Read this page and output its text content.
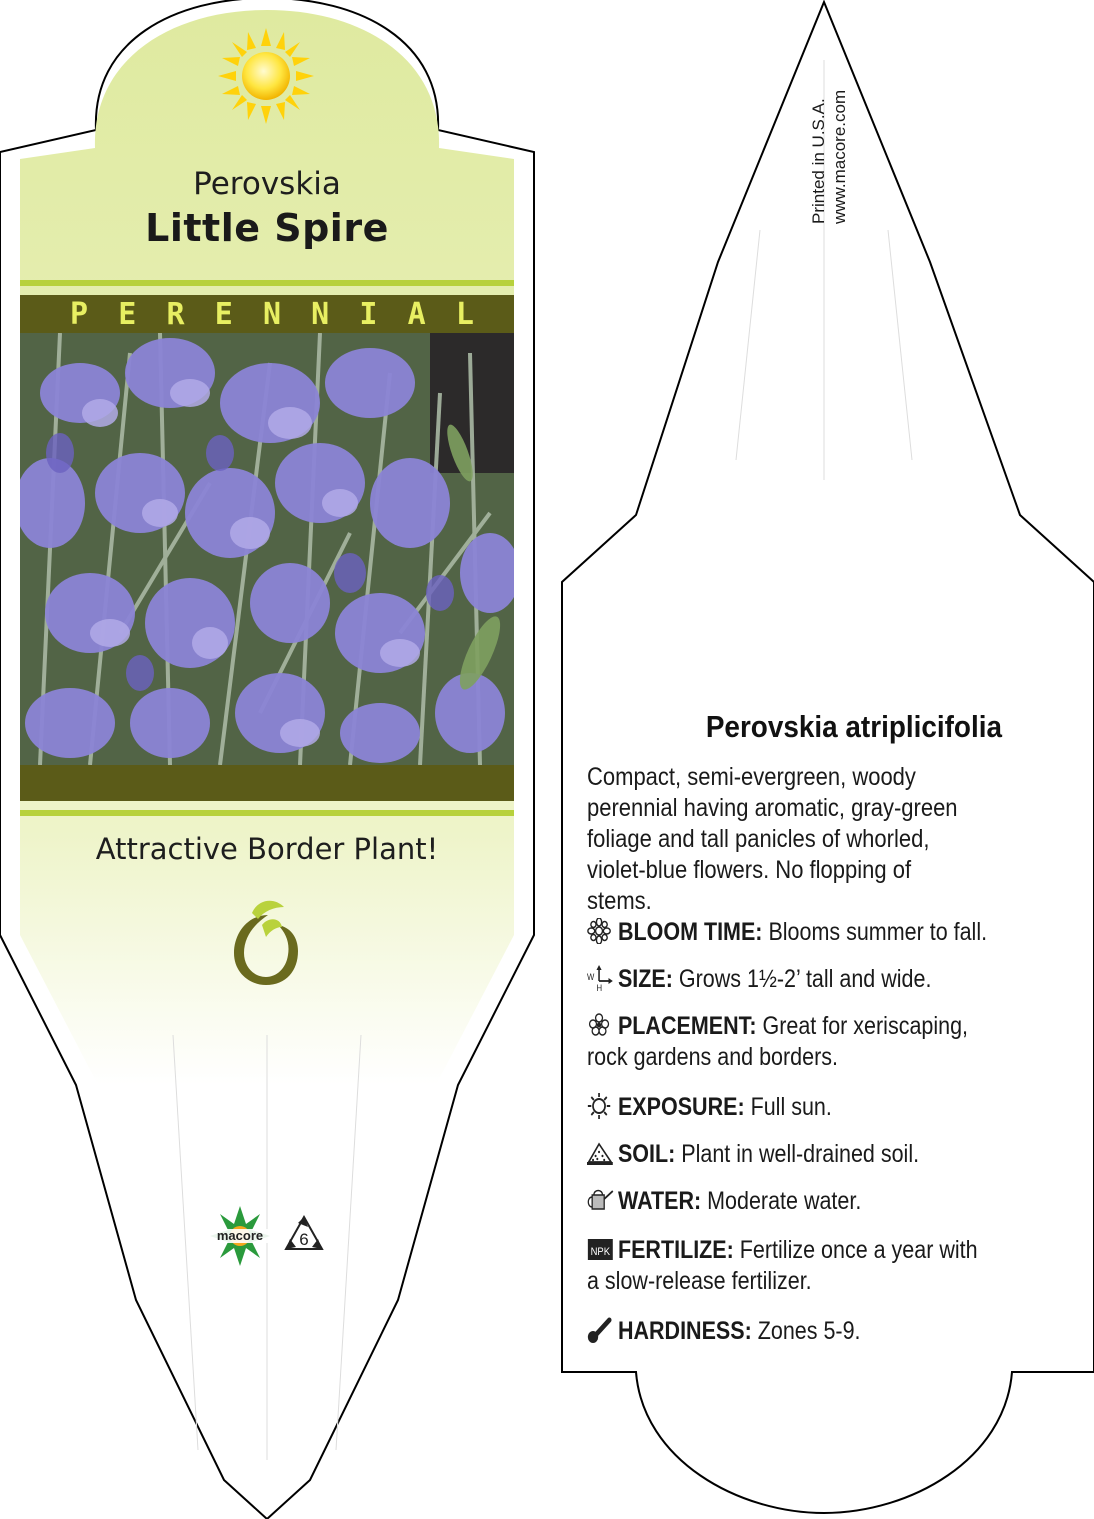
Perovskia
Little Spire
P E R E N N I A L
Attractive Border Plant!
macore 6
Printed in U.S.A. www.macore.com
Perovskia atriplicifolia
Compact, semi-evergreen, woody perennial having aromatic, gray-green foliage and tall panicles of whorled, violet-blue flowers. No flopping of stems.
BLOOM TIME: Blooms summer to fall.
W
H SIZE: Grows 1½-2’ tall and wide.
PLACEMENT: Great for xeriscaping, rock gardens and borders.
EXPOSURE: Full sun.
SOIL: Plant in well-drained soil.
WATER: Moderate water.
NPK FERTILIZE: Fertilize once a year with a slow-release fertilizer.
HARDINESS: Zones 5-9.
